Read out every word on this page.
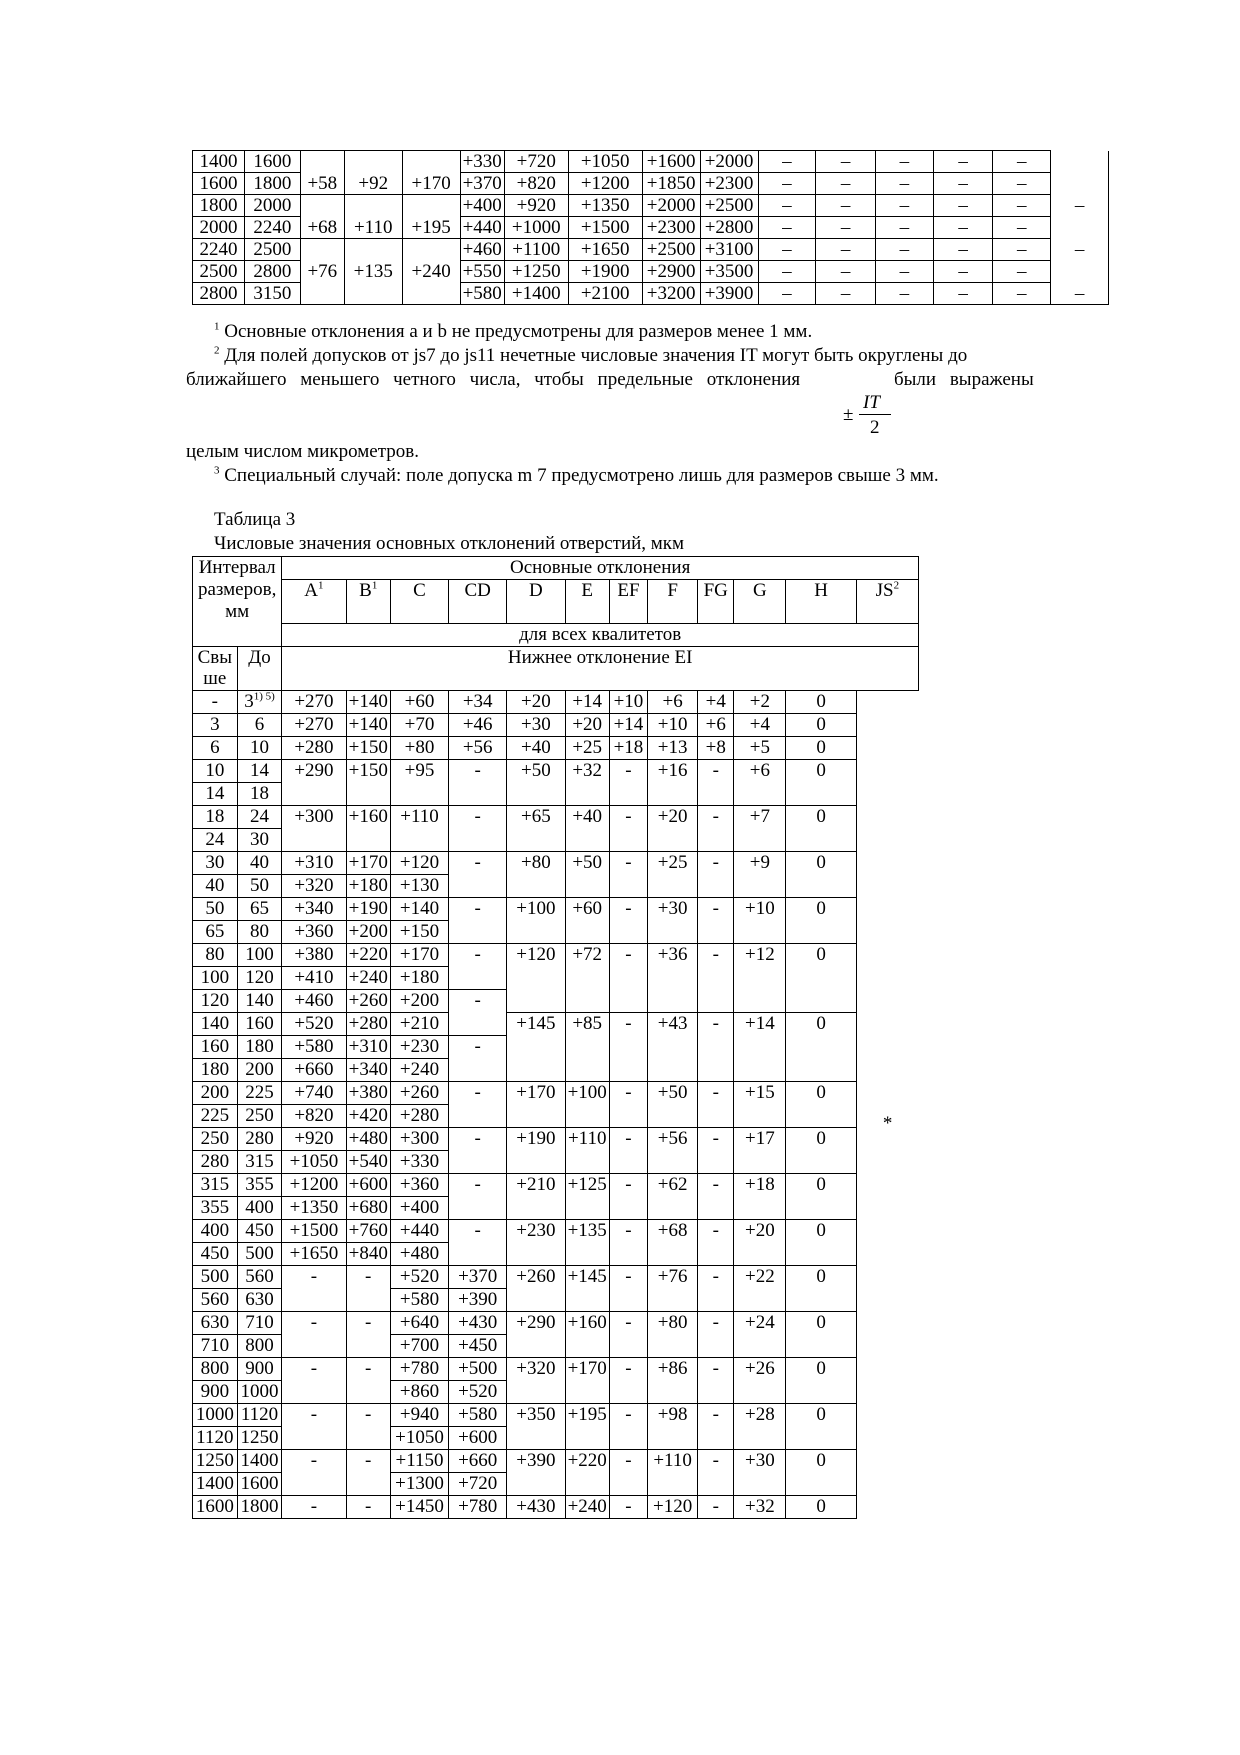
1400	1600				+330	+720	+1050	+1600	+2000	–	–	–	–	–	
1600	1800	+58	+92	+170	+370	+820	+1200	+1850	+2300	–	–	–	–	–	
1800	2000				+400	+920	+1350	+2000	+2500	–	–	–	–	–	–
2000	2240	+68	+110	+195	+440	+1000	+1500	+2300	+2800	–	–	–	–	–	
2240	2500				+460	+1100	+1650	+2500	+3100	–	–	–	–	–	–
2500	2800	+76	+135	+240	+550	+1250	+1900	+2900	+3500	–	–	–	–	–	
2800	3150				+580	+1400	+2100	+3200	+3900	–	–	–	–	–	–
$^1$ Основные отклонения a и b не предусмотрены для размеров менее 1 мм.
$^2$ Для полей допусков от js7 до js11 нечетные числовые значения IT могут быть округлены до
ближайшего меньшего четного числа, чтобы предельные отклонения	были выражены
±
IT
2
целым числом микрометров.
$^3$ Специальный случай: поле допуска m 7 предусмотрено лишь для размеров свыше 3 мм.
Таблица 3
Числовые значения основных отклонений отверстий, мкм
Интервал размеров, мм		Основные отклонения											
		$A^1$	$B^1$	C	CD	D	E	EF	F	FG	G	H	$JS^2$
		для всех квалитетов											
Свы ше	До	Нижнее отклонение EI											
-	$3^{1) 5)}$	+270	+140	+60	+34	+20	+14	+10	+6	+4	+2	0	*
3	6	+270	+140	+70	+46	+30	+20	+14	+10	+6	+4	0	
6	10	+280	+150	+80	+56	+40	+25	+18	+13	+8	+5	0	
10	14	+290	+150	+95	-	+50	+32	-	+16	-	+6	0	
14	18												
18	24	+300	+160	+110	-	+65	+40	-	+20	-	+7	0	
24	30												
30	40	+310	+170	+120	-	+80	+50	-	+25	-	+9	0	
40	50	+320	+180	+130									
50	65	+340	+190	+140	-	+100	+60	-	+30	-	+10	0	
65	80	+360	+200	+150									
80	100	+380	+220	+170	-	+120	+72	-	+36	-	+12	0	
100	120	+410	+240	+180									
120	140	+460	+260	+200	-								
140	160	+520	+280	+210		+145	+85	-	+43	-	+14	0	
160	180	+580	+310	+230	-								
180	200	+660	+340	+240									
200	225	+740	+380	+260	-	+170	+100	-	+50	-	+15	0	
225	250	+820	+420	+280									
250	280	+920	+480	+300	-	+190	+110	-	+56	-	+17	0	
280	315	+1050	+540	+330									
315	355	+1200	+600	+360	-	+210	+125	-	+62	-	+18	0	
355	400	+1350	+680	+400									
400	450	+1500	+760	+440	-	+230	+135	-	+68	-	+20	0	
450	500	+1650	+840	+480									
500	560	-	-	+520	+370	+260	+145	-	+76	-	+22	0	
560	630			+580	+390								
630	710	-	-	+640	+430	+290	+160	-	+80	-	+24	0	
710	800			+700	+450								
800	900	-	-	+780	+500	+320	+170	-	+86	-	+26	0	
900	1000			+860	+520								
1000	1120	-	-	+940	+580	+350	+195	-	+98	-	+28	0	
1120	1250			+1050	+600								
1250	1400	-	-	+1150	+660	+390	+220	-	+110	-	+30	0	
1400	1600			+1300	+720								
1600	1800	-	-	+1450	+780	+430	+240	-	+120	-	+32	0	
